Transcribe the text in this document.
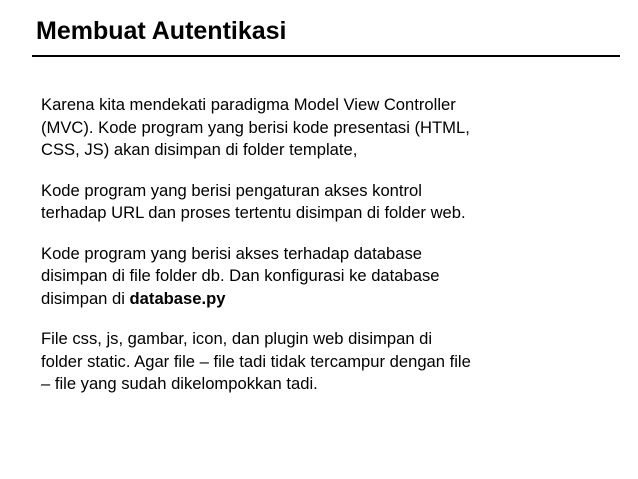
Membuat Autentikasi

Karena kita mendekati paradigma Model View Controller
(MVC). Kode program yang berisi kode presentasi (HTML,
CSS, JS) akan disimpan di folder template,

Kode program yang berisi pengaturan akses kontrol
terhadap URL dan proses tertentu disimpan di folder web.

Kode program yang berisi akses terhadap database
disimpan di file folder db. Dan konfigurasi ke database
disimpan di database.py

File css, js, gambar, icon, dan plugin web disimpan di
folder static. Agar file – file tadi tidak tercampur dengan file
– file yang sudah dikelompokkan tadi.
